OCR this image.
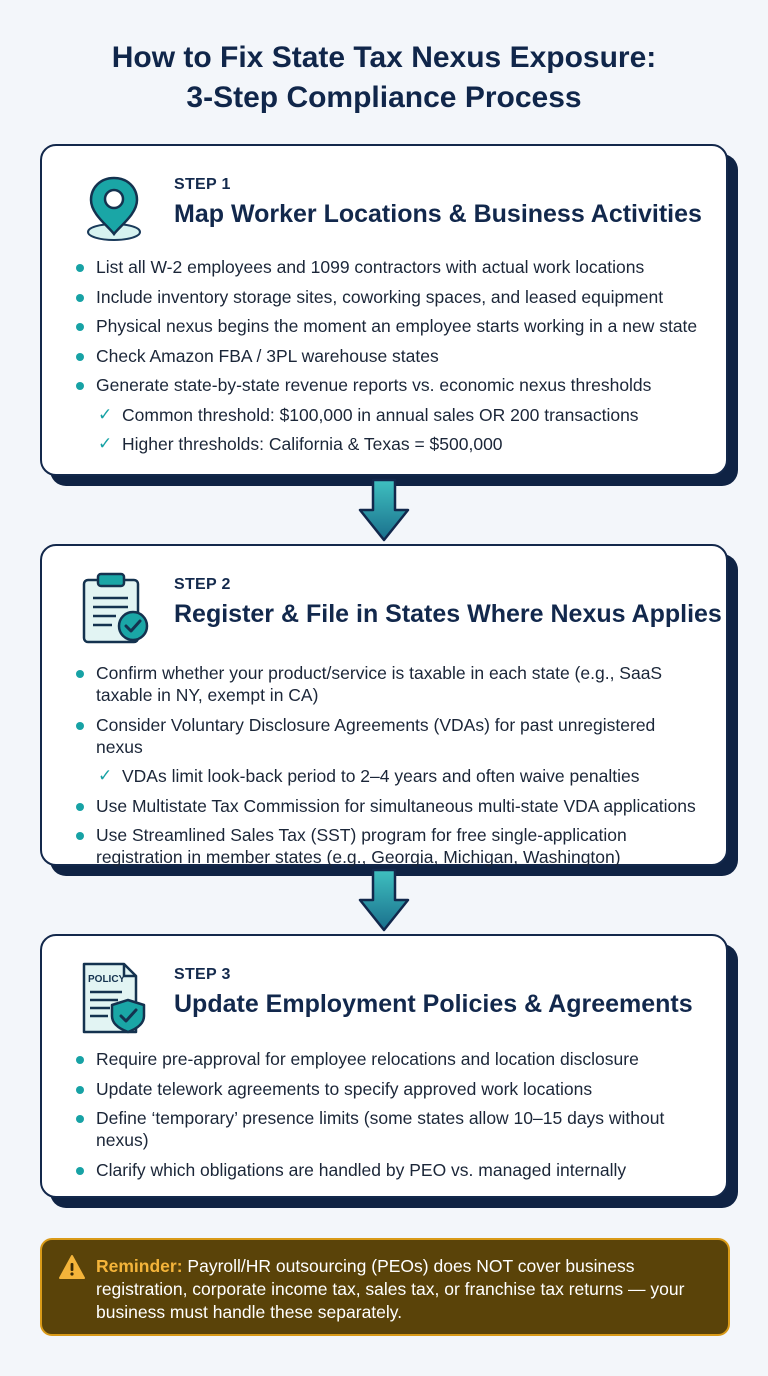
How to Fix State Tax Nexus Exposure:
3-Step Compliance Process
STEP 1
Map Worker Locations & Business Activities
List all W-2 employees and 1099 contractors with actual work locations
Include inventory storage sites, coworking spaces, and leased equipment
Physical nexus begins the moment an employee starts working in a new state
Check Amazon FBA / 3PL warehouse states
Generate state-by-state revenue reports vs. economic nexus thresholds
✓ Common threshold: $100,000 in annual sales OR 200 transactions
✓ Higher thresholds: California & Texas = $500,000
STEP 2
Register & File in States Where Nexus Applies
Confirm whether your product/service is taxable in each state (e.g., SaaS taxable in NY, exempt in CA)
Consider Voluntary Disclosure Agreements (VDAs) for past unregistered nexus
✓ VDAs limit look-back period to 2–4 years and often waive penalties
Use Multistate Tax Commission for simultaneous multi-state VDA applications
Use Streamlined Sales Tax (SST) program for free single-application registration in member states (e.g., Georgia, Michigan, Washington)
POLICY	STEP 3
Update Employment Policies & Agreements
Require pre-approval for employee relocations and location disclosure
Update telework agreements to specify approved work locations
Define ‘temporary’ presence limits (some states allow 10–15 days without nexus)
Clarify which obligations are handled by PEO vs. managed internally
Reminder: Payroll/HR outsourcing (PEOs) does NOT cover business registration, corporate income tax, sales tax, or franchise tax returns — your business must handle these separately.
